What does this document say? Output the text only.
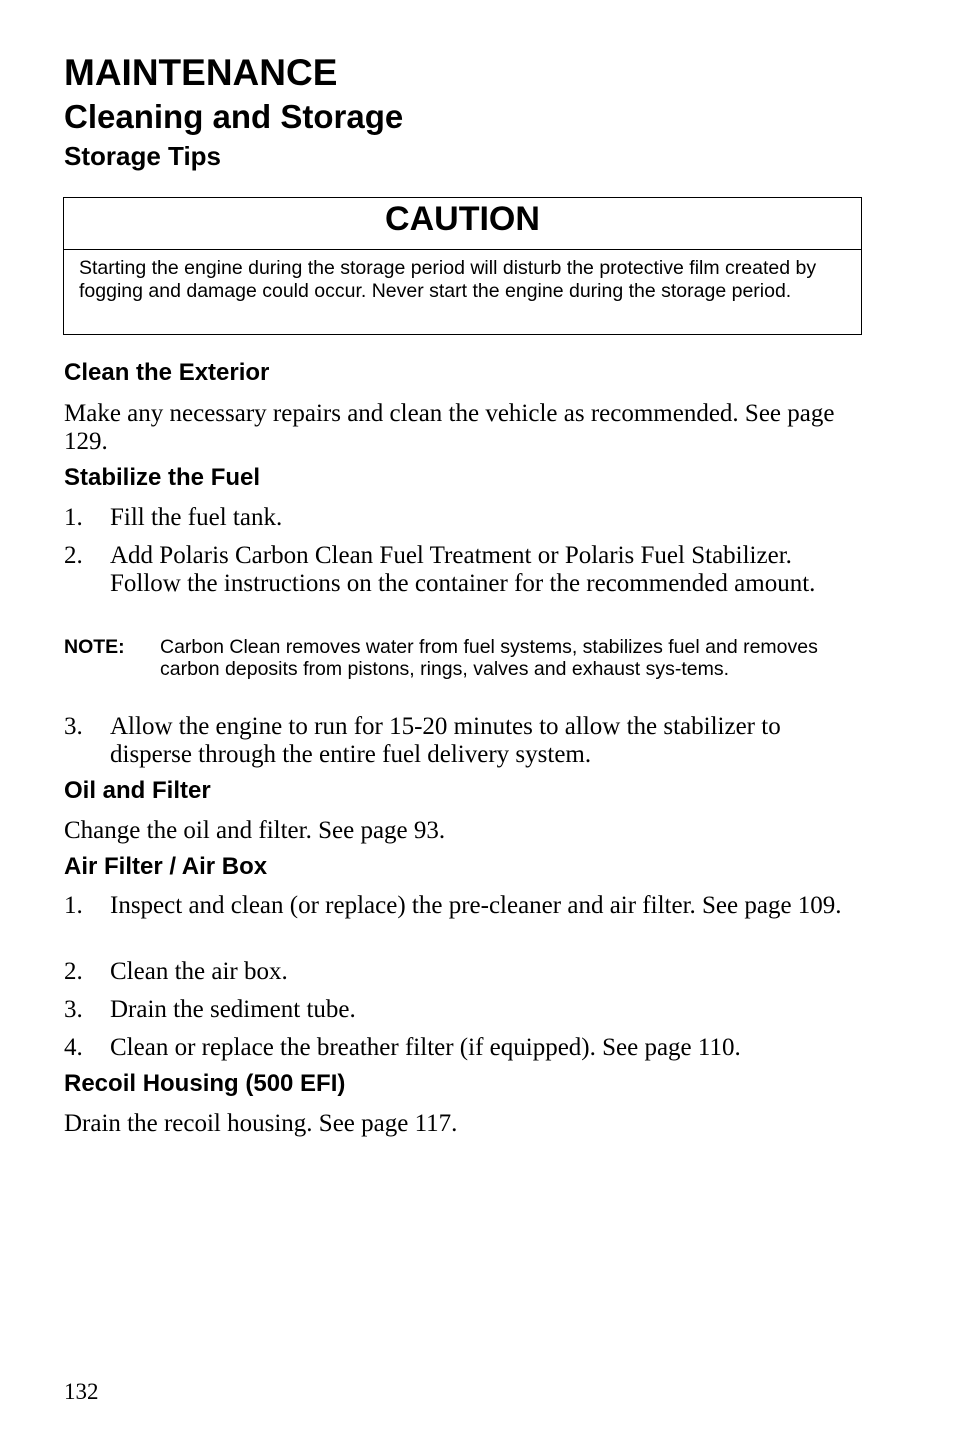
MAINTENANCE
Cleaning and Storage
Storage Tips
CAUTION
Starting the engine during the storage period will disturb the protective film created by fogging and damage could occur. Never start the engine during the storage period.
Clean the Exterior

Make any necessary repairs and clean the vehicle as recommended. See page 129.

Stabilize the Fuel
1. Fill the fuel tank.
2. Add Polaris Carbon Clean Fuel Treatment or Polaris Fuel Stabilizer. Follow the instructions on the container for the recommended amount.
NOTE: Carbon Clean removes water from fuel systems, stabilizes fuel and removes carbon deposits from pistons, rings, valves and exhaust sys-tems.
3. Allow the engine to run for 15-20 minutes to allow the stabilizer to disperse through the entire fuel delivery system.
Oil and Filter

Change the oil and filter. See page 93.

Air Filter / Air Box
1. Inspect and clean (or replace) the pre-cleaner and air filter. See page 109.
2. Clean the air box.
3. Drain the sediment tube.
4. Clean or replace the breather filter (if equipped). See page 110.
Recoil Housing (500 EFI)

Drain the recoil housing. See page 117.

132
